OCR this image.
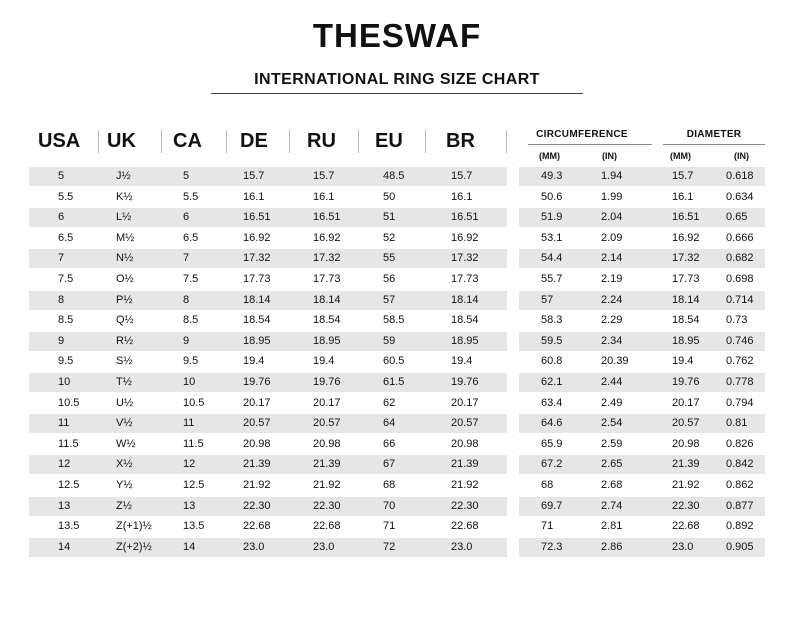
THESWAF
INTERNATIONAL RING SIZE CHART
USA UK CA DE RU EU BR	CIRCUMFERENCE
(MM)	(IN)
DIAMETER
(MM)	(IN)
5	J½	5	15.7	15.7	48.5	15.7	49.3	1.94	15.7	0.618
5.5	K½	5.5	16.1	16.1	50	16.1	50.6	1.99	16.1	0.634
6	L½	6	16.51	16.51	51	16.51	51.9	2.04	16.51 0.65
6.5	M½	6.5	16.92	16.92	52	16.92	53.1	2.09	16.92 0.666
7	N½	7	17.32	17.32	55	17.32	54.4	2.14	17.32 0.682
7.5	O½	7.5	17.73	17.73	56	17.73	55.7	2.19	17.73 0.698
8	P½	8	18.14	18.14	57	18.14	57	2.24	18.14 0.714
8.5	Q½	8.5	18.54	18.54	58.5	18.54	58.3	2.29	18.54 0.73
9	R½	9	18.95	18.95	59	18.95	59.5	2.34	18.95 0.746
9.5	S½	9.5	19.4	19.4	60.5	19.4	60.8	20.39	19.4	0.762
10	T½	10	19.76	19.76	61.5	19.76	62.1	2.44	19.76 0.778
10.5	U½	10.5	20.17	20.17	62	20.17	63.4	2.49	20.17 0.794
11	V½	11	20.57	20.57	64	20.57	64.6	2.54	20.57 0.81
11.5	W½	11.5	20.98	20.98	66	20.98	65.9	2.59	20.98 0.826
12	X½	12	21.39	21.39	67	21.39	67.2	2.65	21.39 0.842
12.5	Y½	12.5	21.92	21.92	68	21.92	68	2.68	21.92 0.862
13	Z½	13	22.30	22.30	70	22.30	69.7	2.74	22.30 0.877
13.5	Z(+1)½	13.5	22.68	22.68	71	22.68	71	2.81	22.68 0.892
14	Z(+2)½	14	23.0	23.0	72	23.0	72.3	2.86	23.0	0.905
